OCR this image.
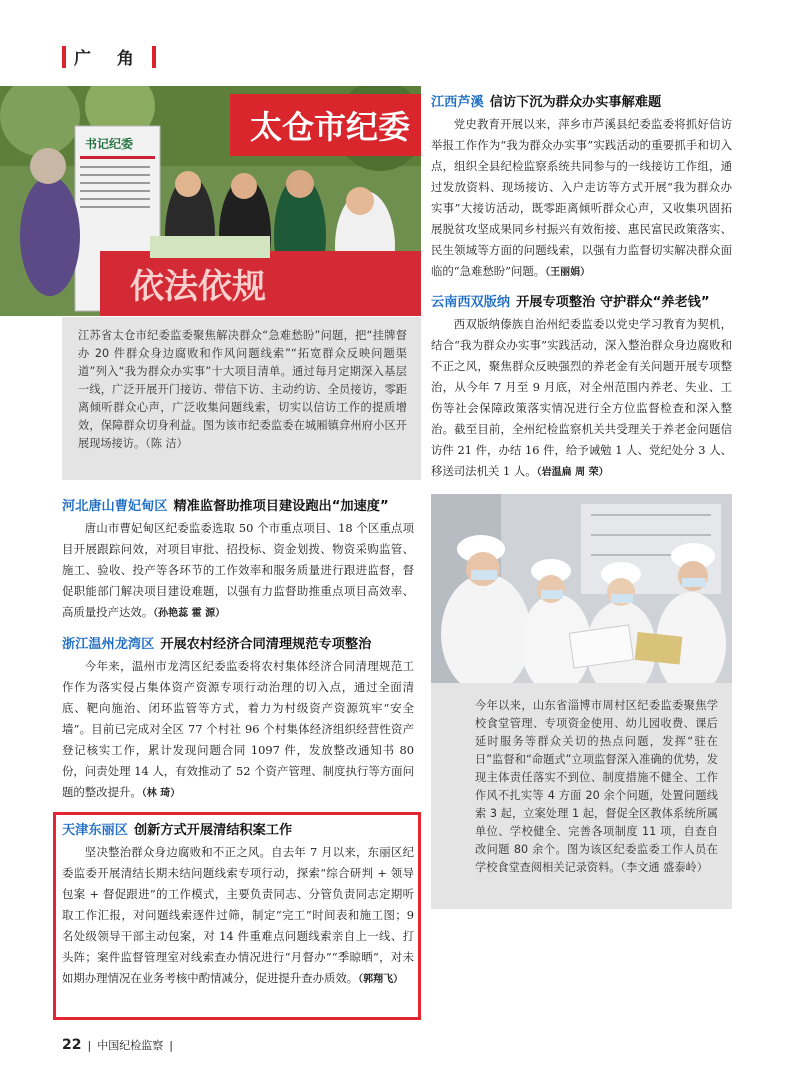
广 角
太仓市纪委
书记纪委
依法依规
江苏省太仓市纪委监委聚焦解决群众“急难愁盼”问题，把“挂牌督办 20 件群众身边腐败和作风问题线索”“拓宽群众反映问题渠道”列入“我为群众办实事”十大项目清单。通过每月定期深入基层一线，广泛开展开门接访、带信下访、主动约访、全员接访，零距离倾听群众心声，广泛收集问题线索，切实以信访工作的提质增效，保障群众切身利益。图为该市纪委监委在城厢镇弇州府小区开展现场接访。（陈 洁）
江西芦溪 信访下沉为群众办实事解难题

党史教育开展以来，萍乡市芦溪县纪委监委将抓好信访举报工作作为“我为群众办实事”实践活动的重要抓手和切入点，组织全县纪检监察系统共同参与的一线接访工作组，通过发放资料、现场接访、入户走访等方式开展“我为群众办实事”大接访活动，既零距离倾听群众心声，又收集巩固拓展脱贫攻坚成果同乡村振兴有效衔接、惠民富民政策落实、民生领域等方面的问题线索，以强有力监督切实解决群众面临的“急难愁盼”问题。（王丽娟）

云南西双版纳 开展专项整治 守护群众“养老钱”

西双版纳傣族自治州纪委监委以党史学习教育为契机，结合“我为群众办实事”实践活动，深入整治群众身边腐败和不正之风，聚焦群众反映强烈的养老金有关问题开展专项整治，从今年 7 月至 9 月底，对全州范围内养老、失业、工伤等社会保障政策落实情况进行全方位监督检查和深入整治。截至目前，全州纪检监察机关共受理关于养老金问题信访件 21 件，办结 16 件，给予诫勉 1 人、党纪处分 3 人、移送司法机关 1 人。（岩温扁 周 荣）

今年以来，山东省淄博市周村区纪委监委聚焦学校食堂管理、专项资金使用、幼儿园收费、课后延时服务等群众关切的热点问题，发挥“驻在日”监督和“命题式”立项监督深入准确的优势，发现主体责任落实不到位、制度措施不健全、工作作风不扎实等 4 方面 20 余个问题，处置问题线索 3 起，立案处理 1 起，督促全区教体系统所属单位、学校健全、完善各项制度 11 项，自查自改问题 80 余个。图为该区纪委监委工作人员在学校食堂查阅相关记录资料。（李文通 盛泰岭）
河北唐山曹妃甸区 精准监督助推项目建设跑出“加速度”

唐山市曹妃甸区纪委监委选取 50 个市重点项目、18 个区重点项目开展跟踪问效，对项目审批、招投标、资金划拨、物资采购监管、施工、验收、投产等各环节的工作效率和服务质量进行跟进监督，督促职能部门解决项目建设难题，以强有力监督助推重点项目高效率、高质量投产达效。（孙艳蕊 霍 源）

浙江温州龙湾区 开展农村经济合同清理规范专项整治

今年来，温州市龙湾区纪委监委将农村集体经济合同清理规范工作作为落实侵占集体资产资源专项行动治理的切入点，通过全面清底、靶向施治、闭环监管等方式，着力为村级资产资源筑牢“安全墙”。目前已完成对全区 77 个村社 96 个村集体经济组织经营性资产登记核实工作，累计发现问题合同 1097 件，发放整改通知书 80 份，问责处理 14 人，有效推动了 52 个资产管理、制度执行等方面问题的整改提升。（林 琦）

天津东丽区 创新方式开展清结积案工作

坚决整治群众身边腐败和不正之风。自去年 7 月以来，东丽区纪委监委开展清结长期未结问题线索专项行动，探索“综合研判 + 领导包案 + 督促跟进”的工作模式，主要负责同志、分管负责同志定期听取工作汇报，对问题线索逐件过筛，制定“完工”时间表和施工图；9 名处级领导干部主动包案，对 14 件重难点问题线索亲自上一线、打头阵；案件监督管理室对线索查办情况进行“月督办”“季晾晒”，对未如期办理情况在业务考核中酌情减分，促进提升查办质效。（郭翔飞）

22 | 中国纪检监察 |
